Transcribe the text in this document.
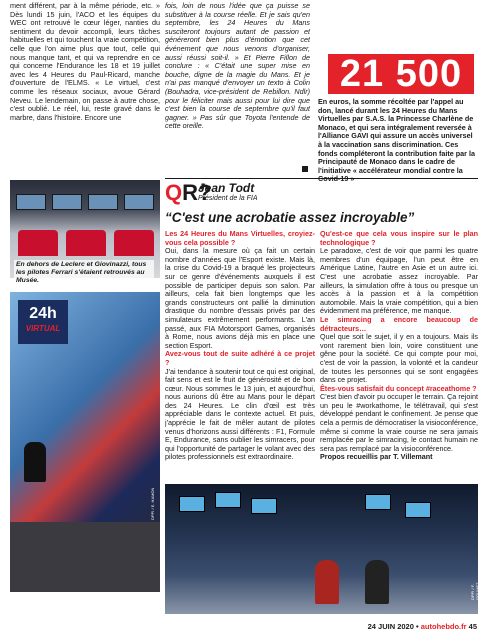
ment différent, par à la même période, etc. » Dès lundi 15 juin, l'ACO et les équipes du WEC ont retrouvé le cœur léger, nanties du sentiment du devoir accompli, leurs tâches habituelles et qui touchent la vraie compétition, celle que l'on aime plus que tout, celle qui nous manque tant, et qui va reprendre en ce qui concerne l'Endurance les 18 et 19 juillet avec les 4 Heures du Paul-Ricard, manche d'ouverture de l'ELMS. « Le virtuel, c'est comme les réseaux sociaux, avoue Gérard Neveu. Le lendemain, on passe à autre chose, c'est oublié. Le réel, lui, reste gravé dans le marbre, dans l'histoire. Encore une

fois, loin de nous l'idée que ça puisse se substituer à la course réelle. Et je sais qu'en septembre, les 24 Heures du Mans susciteront toujours autant de passion et généreront bien plus d'émotion que cet événement que nous venons d'organiser, aussi réussi soit-il. » Et Pierre Fillon de conclure : « C'était une super mise en bouche, digne de la magie du Mans. Et je n'ai pas manqué d'envoyer un texto à Colin (Bouhadra, vice-président de Rebillon. Ndlr) pour le féliciter mais aussi pour lui dire que c'est bien la course de septembre qu'il faut gagner. » Pas sûr que Toyota l'entende de cette oreille.

21 500
En euros, la somme récoltée par l'appel au don, lancé durant les 24 Heures du Mans Virtuelles par S.A.S. la Princesse Charlène de Monaco, et qui sera intégralement reversée à l'Alliance GAVI qui assure un accès universel à la vaccination sans discrimination. Ces fonds compléteront la contribution faite par la Principauté de Monaco dans le cadre de l'initiative « accélérateur mondial contre la
En dehors de Leclerc et Giovinazzi, tous les pilotes Ferrari s'étaient retrouvés au Musée.
24h
VIRTUAL
DPPI / E. HAMON
QR?
Jean Todt
Président de la FIA
“C'est une acrobatie assez incroyable”

Les 24 Heures du Mans Virtuelles, croyiez-vous cela possible ?

Oui, dans la mesure où ça fait un certain nombre d'années que l'Esport existe. Mais là, la crise du Covid-19 a braqué les projecteurs sur ce genre d'événements auxquels il est possible de participer depuis son salon. Par ailleurs, cela fait bien longtemps que les grands constructeurs ont pallié la diminution drastique du nombre d'essais privés par des simulateurs extrêmement performants. L'an passé, aux FIA Motorsport Games, organisés à Rome, nous avions déjà mis en place une section Esport.

Avez-vous tout de suite adhéré à ce projet ?

J'ai tendance à soutenir tout ce qui est original, fait sens et est le fruit de générosité et de bon cœur. Nous sommes le 13 juin, et aujourd'hui, nous aurions dû être au Mans pour le départ des 24 Heures. Le clin d'œil est très appréciable dans le contexte actuel. Et puis, j'apprécie le fait de mêler autant de pilotes venus d'horizons aussi différents : F1, Formule E, Endurance, sans oublier les simracers, pour qui l'opportunité de partager le volant avec des pilotes professionnels est extraordinaire.

Qu'est-ce que cela vous inspire sur le plan technologique ?

Le paradoxe, c'est de voir que parmi les quatre membres d'un équipage, l'un peut être en Amérique Latine, l'autre en Asie et un autre ici. C'est une acrobatie assez incroyable. Par ailleurs, la simulation offre à tous ou presque un accès à la passion et à la compétition automobile. Mais la vraie compétition, qui a bien évidemment ma préférence, me manque.

Le simracing a encore beaucoup de détracteurs…

Quel que soit le sujet, il y en a toujours. Mais ils vont rarement bien loin, voire constituent une gêne pour la société. Ce qui compte pour moi, c'est de voir la passion, la volonté et la candeur de toutes les personnes qui se sont engagées dans ce projet.

Êtes-vous satisfait du concept #raceathome ?

C'est bien d'avoir pu occuper le terrain. Ça rejoint un peu le #workathome, le télétravail, qui s'est développé pendant le confinement. Je pense que cela a permis de démocratiser la visioconférence, même si comme la vraie course ne sera jamais remplacée par le simracing, le contact humain ne sera pas remplacé par la visioconférence.

Propos recueillis par T. Villemant

DPPI / F. GOUMET
24 JUIN 2020 • autohebdo.fr 45
